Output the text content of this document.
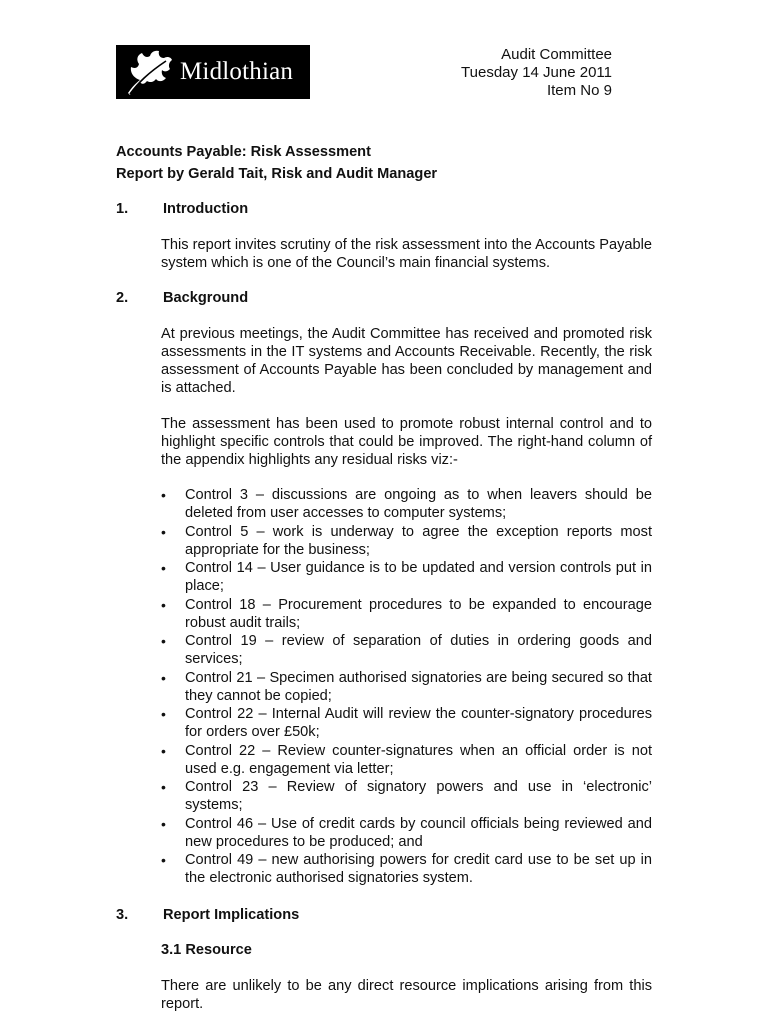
Midlothian
Audit Committee
Tuesday 14 June 2011
Item No 9

Accounts Payable: Risk Assessment

Report by Gerald Tait, Risk and Audit Manager

1. Introduction

This report invites scrutiny of the risk assessment into the Accounts Payable system which is one of the Council’s main financial systems.

2. Background

At previous meetings, the Audit Committee has received and promoted risk assessments in the IT systems and Accounts Receivable. Recently, the risk assessment of Accounts Payable has been concluded by management and is attached.

The assessment has been used to promote robust internal control and to highlight specific controls that could be improved. The right-hand column of the appendix highlights any residual risks viz:-

• Control 3 – discussions are ongoing as to when leavers should be deleted from user accesses to computer systems;
• Control 5 – work is underway to agree the exception reports most appropriate for the business;
• Control 14 – User guidance is to be updated and version controls put in place;
• Control 18 – Procurement procedures to be expanded to encourage robust audit trails;
• Control 19 – review of separation of duties in ordering goods and services;
• Control 21 – Specimen authorised signatories are being secured so that they cannot be copied;
• Control 22 – Internal Audit will review the counter-signatory procedures for orders over £50k;
• Control 22 – Review counter-signatures when an official order is not used e.g. engagement via letter;
• Control 23 – Review of signatory powers and use in ‘electronic’ systems;
• Control 46 – Use of credit cards by council officials being reviewed and new procedures to be produced; and
• Control 49 – new authorising powers for credit card use to be set up in the electronic authorised signatories system.
3. Report Implications

3.1 Resource

There are unlikely to be any direct resource implications arising from this report.
